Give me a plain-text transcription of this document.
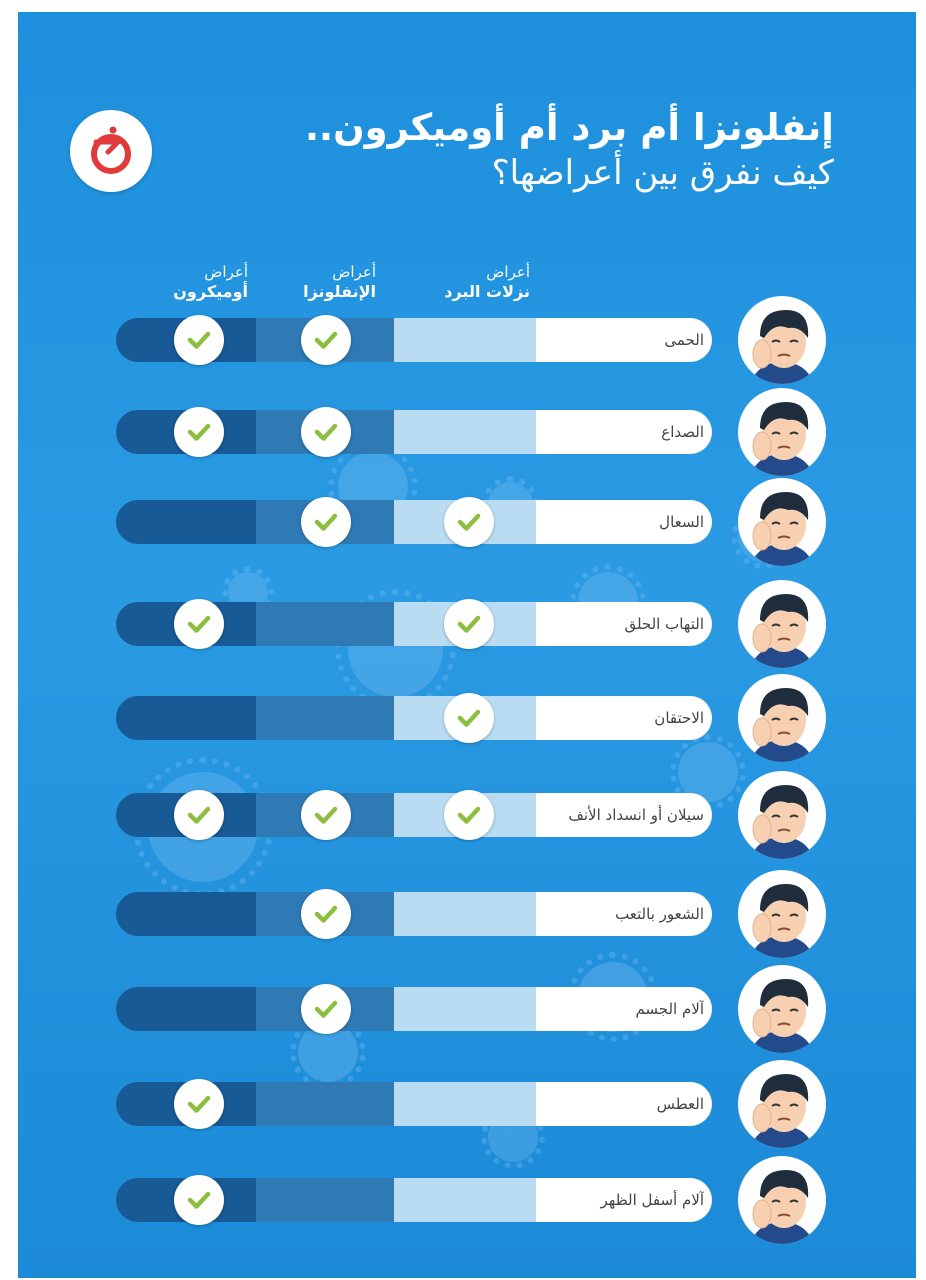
إنفلونزا أم برد أم أوميكرون..
كيف نفرق بين أعراضها؟
أعراض
نزلات البرد
أعراض
الإنفلونزا
أعراض
أوميكرون
الحمى
الصداع
السعال
التهاب الحلق
الاحتقان
سيلان أو انسداد الأنف
الشعور بالتعب
آلام الجسم
العطس
آلام أسفل الظهر
